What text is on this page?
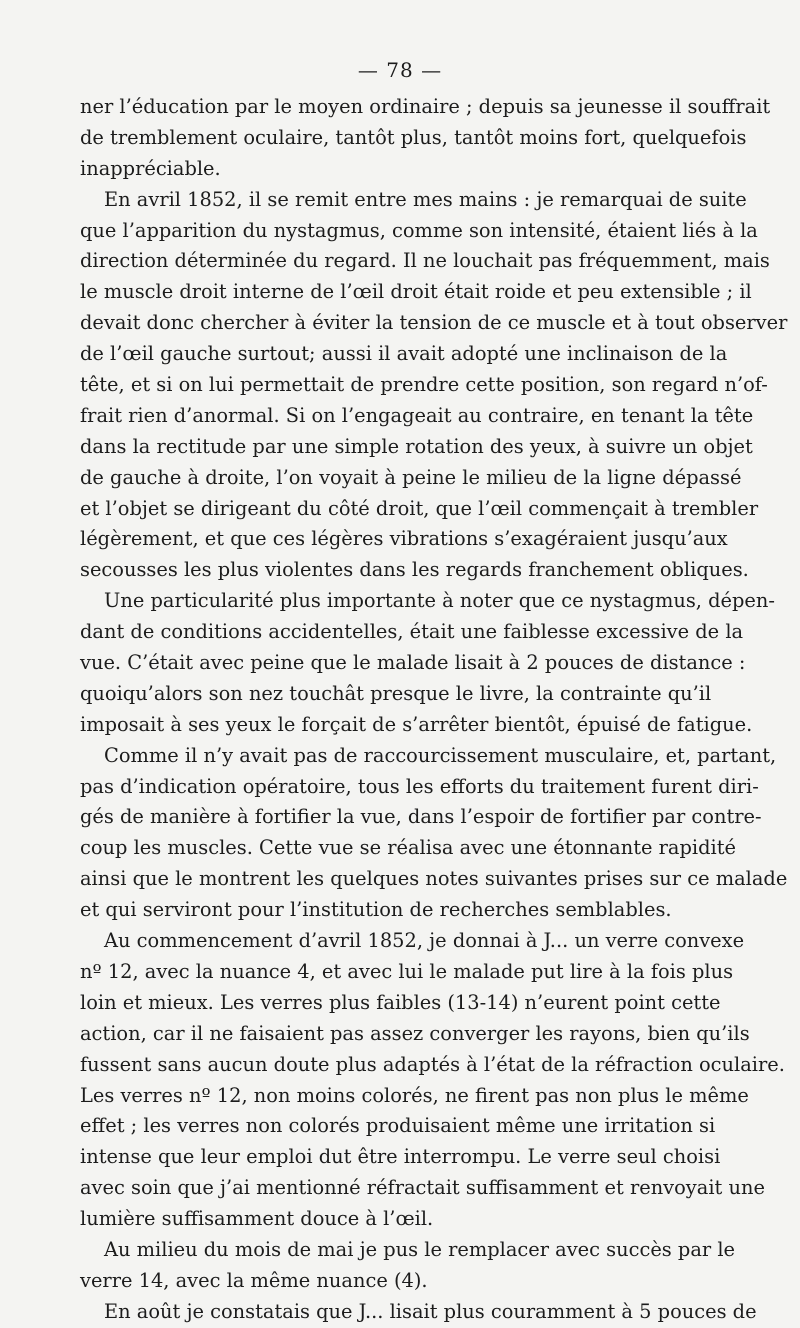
— 78 —
ner l’éducation par le moyen ordinaire ; depuis sa jeunesse il souffrait
de tremblement oculaire, tantôt plus, tantôt moins fort, quelquefois
inappréciable.
En avril 1852, il se remit entre mes mains : je remarquai de suite
que l’apparition du nystagmus, comme son intensité, étaient liés à la
direction déterminée du regard. Il ne louchait pas fréquemment, mais
le muscle droit interne de l’œil droit était roide et peu extensible ; il
devait donc chercher à éviter la tension de ce muscle et à tout observer
de l’œil gauche surtout; aussi il avait adopté une inclinaison de la
tête, et si on lui permettait de prendre cette position, son regard n’of-
frait rien d’anormal. Si on l’engageait au contraire, en tenant la tête
dans la rectitude par une simple rotation des yeux, à suivre un objet
de gauche à droite, l’on voyait à peine le milieu de la ligne dépassé
et l’objet se dirigeant du côté droit, que l’œil commençait à trembler
légèrement, et que ces légères vibrations s’exagéraient jusqu’aux
secousses les plus violentes dans les regards franchement obliques.
Une particularité plus importante à noter que ce nystagmus, dépen-
dant de conditions accidentelles, était une faiblesse excessive de la
vue. C’était avec peine que le malade lisait à 2 pouces de distance :
quoiqu’alors son nez touchât presque le livre, la contrainte qu’il
imposait à ses yeux le forçait de s’arrêter bientôt, épuisé de fatigue.
Comme il n’y avait pas de raccourcissement musculaire, et, partant,
pas d’indication opératoire, tous les efforts du traitement furent diri-
gés de manière à fortifier la vue, dans l’espoir de fortifier par contre-
coup les muscles. Cette vue se réalisa avec une étonnante rapidité
ainsi que le montrent les quelques notes suivantes prises sur ce malade
et qui serviront pour l’institution de recherches semblables.
Au commencement d’avril 1852, je donnai à J... un verre convexe
nº 12, avec la nuance 4, et avec lui le malade put lire à la fois plus
loin et mieux. Les verres plus faibles (13-14) n’eurent point cette
action, car il ne faisaient pas assez converger les rayons, bien qu’ils
fussent sans aucun doute plus adaptés à l’état de la réfraction oculaire.
Les verres nº 12, non moins colorés, ne firent pas non plus le même
effet ; les verres non colorés produisaient même une irritation si
intense que leur emploi dut être interrompu. Le verre seul choisi
avec soin que j’ai mentionné réfractait suffisamment et renvoyait une
lumière suffisamment douce à l’œil.
Au milieu du mois de mai je pus le remplacer avec succès par le
verre 14, avec la même nuance (4).
En août je constatais que J... lisait plus couramment à 5 pouces de
